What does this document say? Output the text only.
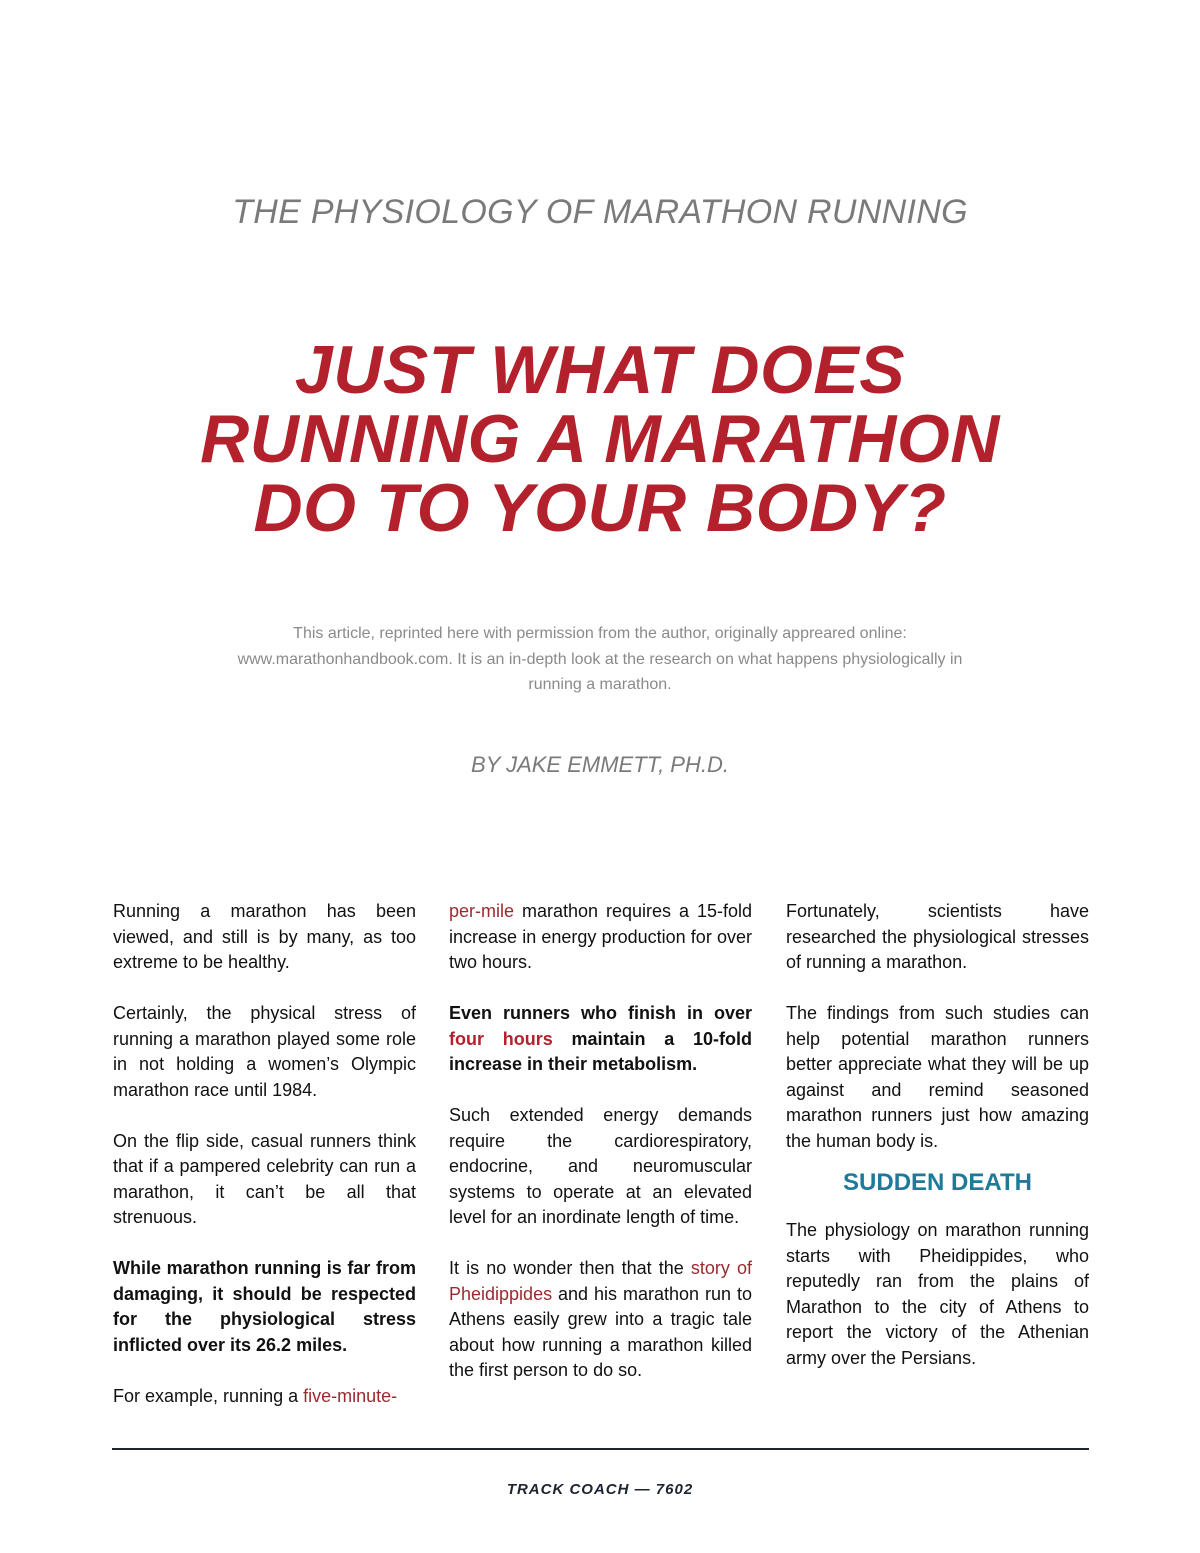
THE PHYSIOLOGY OF MARATHON RUNNING
JUST WHAT DOES
RUNNING A MARATHON
DO TO YOUR BODY?
This article, reprinted here with permission from the author, originally appreared online: www.marathonhandbook.com. It is an in-depth look at the research on what happens physiologically in running a marathon.
BY JAKE EMMETT, PH.D.

Running a marathon has been viewed, and still is by many, as too extreme to be healthy.

Certainly, the physical stress of running a marathon played some role in not holding a women’s Olympic marathon race until 1984.

On the flip side, casual runners think that if a pampered celebrity can run a marathon, it can’t be all that strenuous.

While marathon running is far from damaging, it should be respected for the physiological stress inflicted over its 26.2 miles.

For example, running a five-minute-

per-mile marathon requires a 15-fold increase in energy production for over two hours.

Even runners who finish in over four hours maintain a 10-fold increase in their metabolism.

Such extended energy demands require the cardiorespiratory, endocrine, and neuromuscular systems to operate at an elevated level for an inordinate length of time.

It is no wonder then that the story of Pheidippides and his marathon run to Athens easily grew into a tragic tale about how running a marathon killed the first person to do so.

Fortunately, scientists have researched the physiological stresses of running a marathon.

The findings from such studies can help potential marathon runners better appreciate what they will be up against and remind seasoned marathon runners just how amazing the human body is.

SUDDEN DEATH

The physiology on marathon running starts with Pheidippides, who reputedly ran from the plains of Marathon to the city of Athens to report the victory of the Athenian army over the Persians.

TRACK COACH — 7602
